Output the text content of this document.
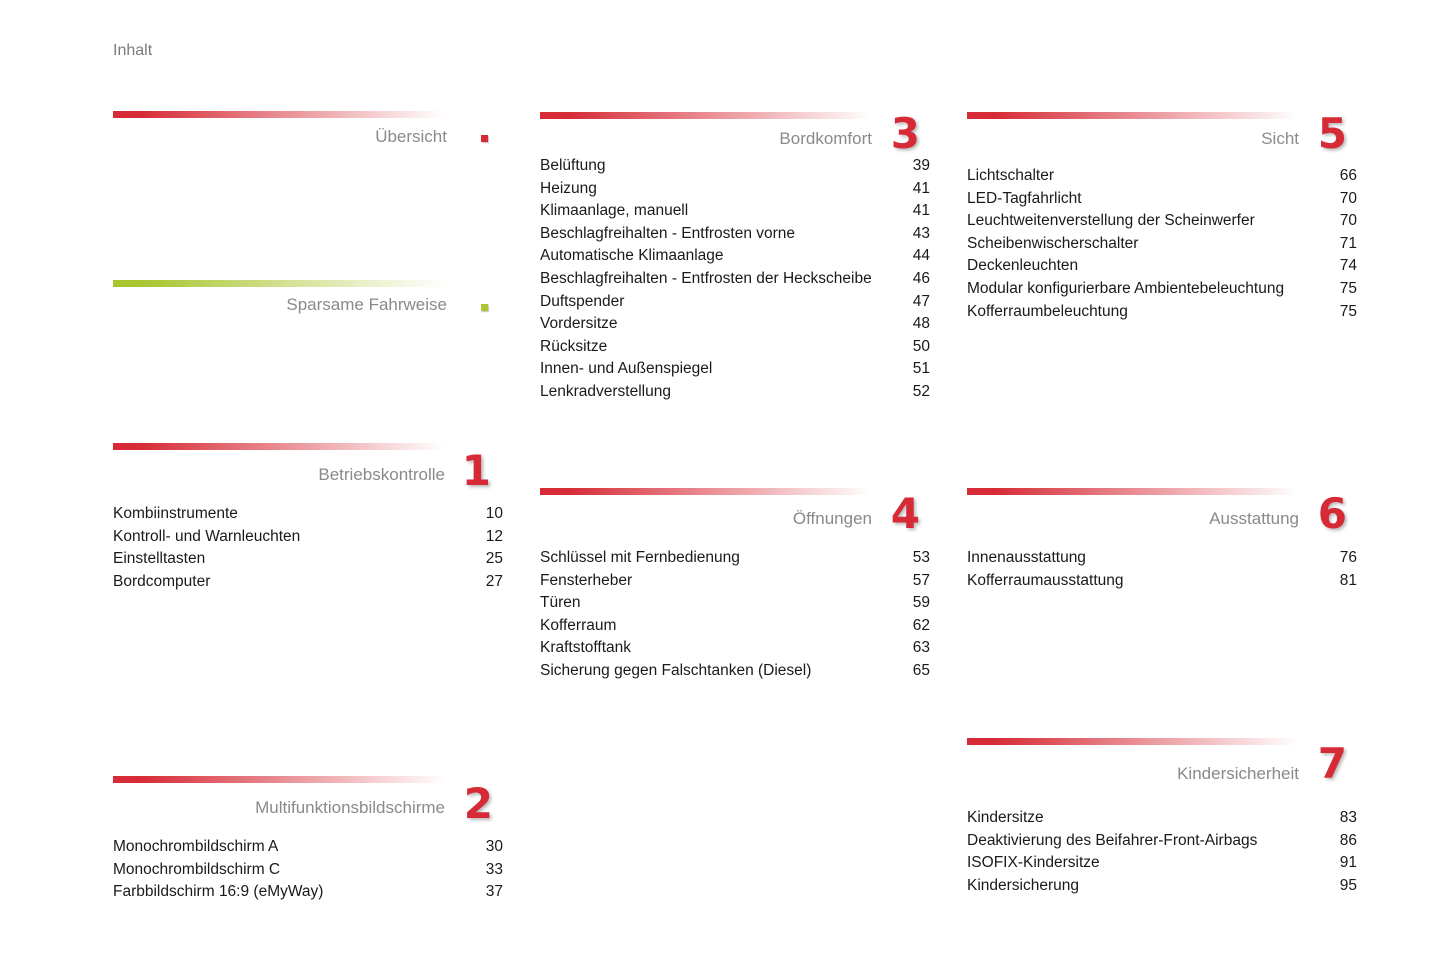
Inhalt
Übersicht
Sparsame Fahrweise
Betriebskontrolle 1
Kombiinstrumente	10
Kontroll- und Warnleuchten	12
Einstelltasten	25
Bordcomputer	27
Multifunktionsbildschirme 2
Monochrombildschirm A	30
Monochrombildschirm C	33
Farbbildschirm 16:9 (eMyWay)	37
Bordkomfort 3
Belüftung	39
Heizung	41
Klimaanlage, manuell	41
Beschlagfreihalten - Entfrosten vorne	43
Automatische Klimaanlage	44
Beschlagfreihalten - Entfrosten der Heckscheibe	46
Duftspender	47
Vordersitze	48
Rücksitze	50
Innen- und Außenspiegel	51
Lenkradverstellung	52
Öffnungen 4
Schlüssel mit Fernbedienung	53
Fensterheber	57
Türen	59
Kofferraum	62
Kraftstofftank	63
Sicherung gegen Falschtanken (Diesel)	65
Sicht 5
Lichtschalter	66
LED-Tagfahrlicht	70
Leuchtweitenverstellung der Scheinwerfer	70
Scheibenwischerschalter	71
Deckenleuchten	74
Modular konfigurierbare Ambientebeleuchtung	75
Kofferraumbeleuchtung	75
Ausstattung 6
Innenausstattung	76
Kofferraumausstattung	81
Kindersicherheit 7
Kindersitze	83
Deaktivierung des Beifahrer-Front-Airbags	86
ISOFIX-Kindersitze	91
Kindersicherung	95
